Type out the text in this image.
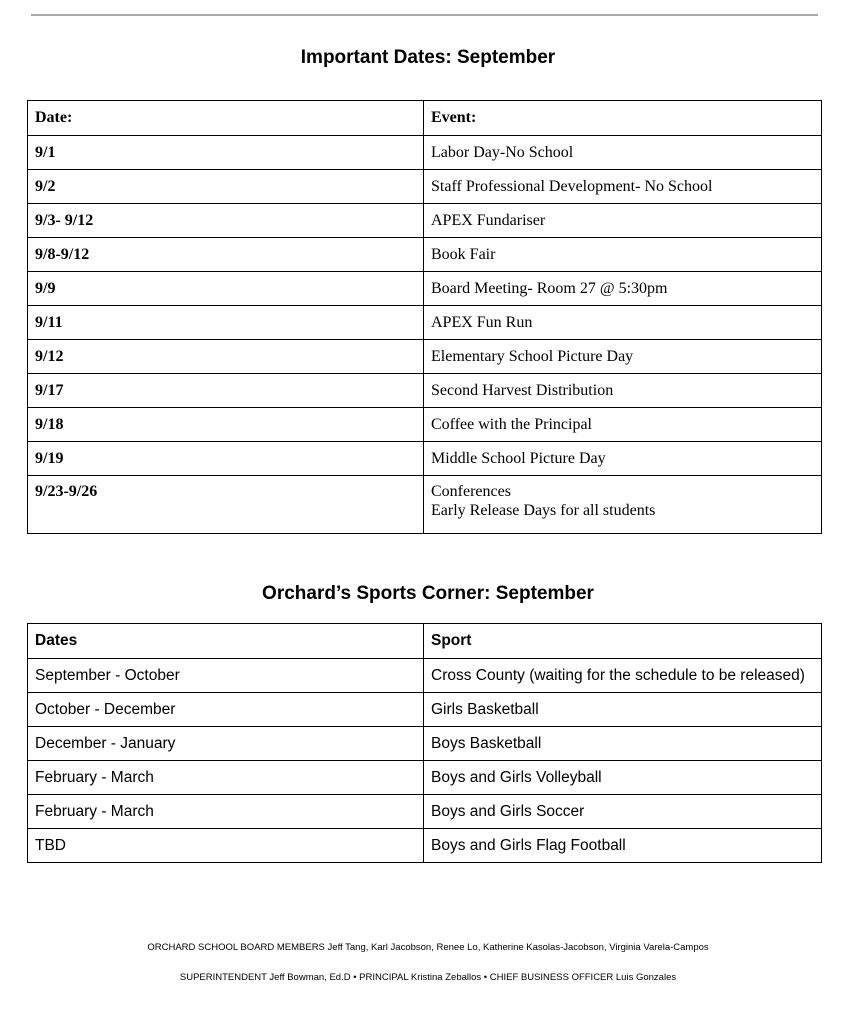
Important Dates: September
Date:	Event:
9/1	Labor Day-No School
9/2	Staff Professional Development- No School
9/3- 9/12	APEX Fundariser
9/8-9/12	Book Fair
9/9	Board Meeting- Room 27 @ 5:30pm
9/11	APEX Fun Run
9/12	Elementary School Picture Day
9/17	Second Harvest Distribution
9/18	Coffee with the Principal
9/19	Middle School Picture Day
9/23-9/26	Conferences
Early Release Days for all students
Orchard’s Sports Corner: September
Dates	Sport
September - October	Cross County (waiting for the schedule to be released)
October - December	Girls Basketball
December - January	Boys Basketball
February - March	Boys and Girls Volleyball
February - March	Boys and Girls Soccer
TBD	Boys and Girls Flag Football
ORCHARD SCHOOL BOARD MEMBERS Jeff Tang, Karl Jacobson, Renee Lo, Katherine Kasolas-Jacobson, Virginia Varela-Campos
SUPERINTENDENT Jeff Bowman, Ed.D • PRINCIPAL Kristina Zeballos • CHIEF BUSINESS OFFICER Luis Gonzales
